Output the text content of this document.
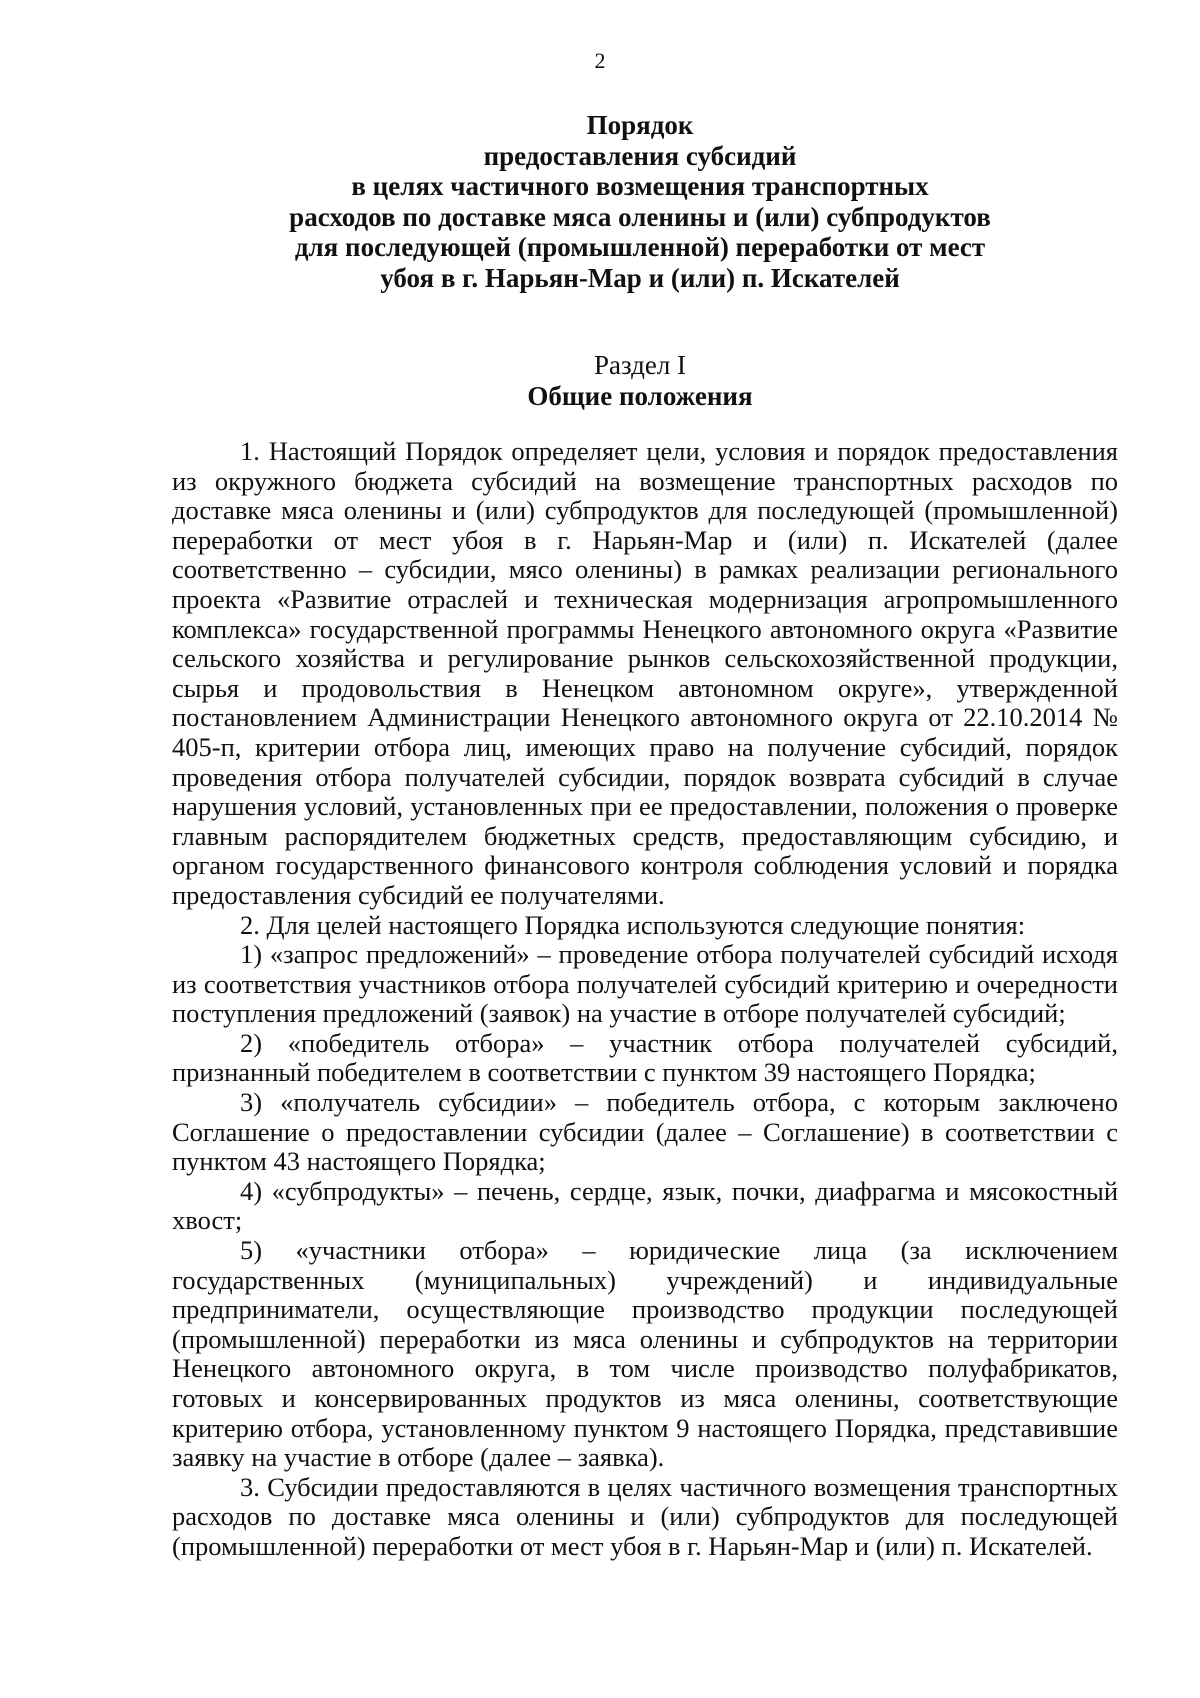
2
Порядок
предоставления субсидий
в целях частичного возмещения транспортных
расходов по доставке мяса оленины и (или) субпродуктов
для последующей (промышленной) переработки от мест
убоя в г. Нарьян-Мар и (или) п. Искателей
Раздел I
Общие положения

1. Настоящий Порядок определяет цели, условия и порядок предоставления из окружного бюджета субсидий на возмещение транспортных расходов по доставке мяса оленины и (или) субпродуктов для последующей (промышленной) переработки от мест убоя в г. Нарьян-Мар и (или) п. Искателей (далее соответственно – субсидии, мясо оленины) в рамках реализации регионального проекта «Развитие отраслей и техническая модернизация агропромышленного комплекса» государственной программы Ненецкого автономного округа «Развитие сельского хозяйства и регулирование рынков сельскохозяйственной продукции, сырья и продовольствия в Ненецком автономном округе», утвержденной постановлением Администрации Ненецкого автономного округа от 22.10.2014 № 405-п, критерии отбора лиц, имеющих право на получение субсидий, порядок проведения отбора получателей субсидии, порядок возврата субсидий в случае нарушения условий, установленных при ее предоставлении, положения о проверке главным распорядителем бюджетных средств, предоставляющим субсидию, и органом государственного финансового контроля соблюдения условий и порядка предоставления субсидий ее получателями.

2. Для целей настоящего Порядка используются следующие понятия:

1) «запрос предложений» – проведение отбора получателей субсидий исходя из соответствия участников отбора получателей субсидий критерию и очередности поступления предложений (заявок) на участие в отборе получателей субсидий;

2) «победитель отбора» – участник отбора получателей субсидий, признанный победителем в соответствии с пунктом 39 настоящего Порядка;

3) «получатель субсидии» – победитель отбора, с которым заключено Соглашение о предоставлении субсидии (далее – Соглашение) в соответствии с пунктом 43 настоящего Порядка;

4) «субпродукты» – печень, сердце, язык, почки, диафрагма и мясокостный хвост;

5) «участники отбора» – юридические лица (за исключением государственных (муниципальных) учреждений) и индивидуальные предприниматели, осуществляющие производство продукции последующей (промышленной) переработки из мяса оленины и субпродуктов на территории Ненецкого автономного округа, в том числе производство полуфабрикатов, готовых и консервированных продуктов из мяса оленины, соответствующие критерию отбора, установленному пунктом 9 настоящего Порядка, представившие заявку на участие в отборе (далее – заявка).

3. Субсидии предоставляются в целях частичного возмещения транспортных расходов по доставке мяса оленины и (или) субпродуктов для последующей (промышленной) переработки от мест убоя в г. Нарьян-Мар и (или) п. Искателей.
